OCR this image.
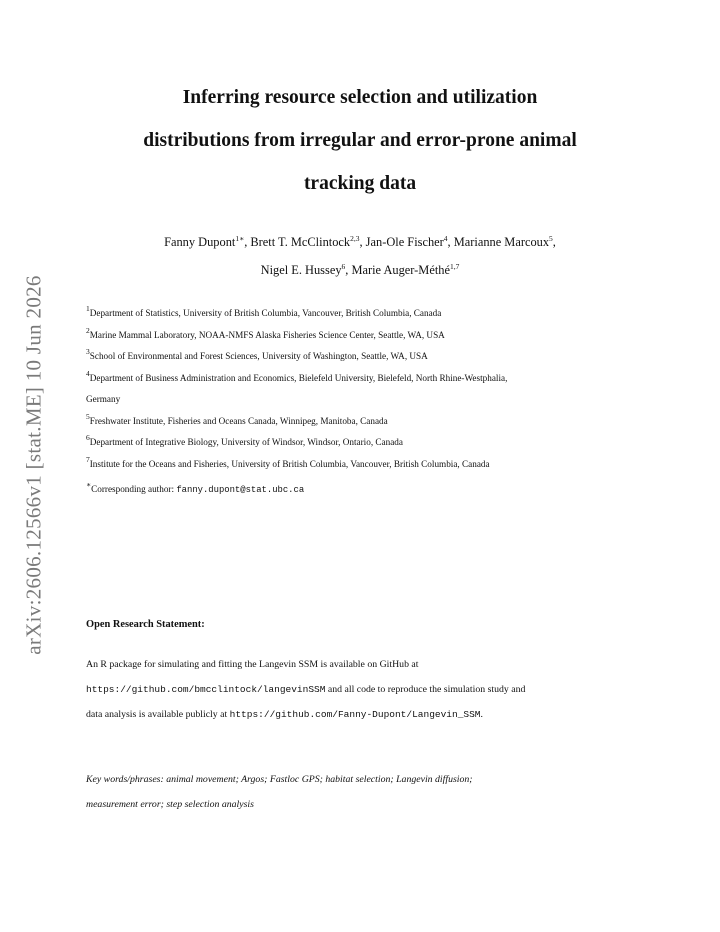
arXiv:2606.12566v1 [stat.ME] 10 Jun 2026
Inferring resource selection and utilization
distributions from irregular and error-prone animal
tracking data
Fanny Dupont$^{1∗}$, Brett T. McClintock$^{2,3}$, Jan-Ole Fischer$^4$, Marianne Marcoux$^5$,
Nigel E. Hussey$^6$, Marie Auger-Méthé$^{1,7}$
$^1$Department of Statistics, University of British Columbia, Vancouver, British Columbia, Canada
$^2$Marine Mammal Laboratory, NOAA-NMFS Alaska Fisheries Science Center, Seattle, WA, USA
$^3$School of Environmental and Forest Sciences, University of Washington, Seattle, WA, USA
$^4$Department of Business Administration and Economics, Bielefeld University, Bielefeld, North Rhine-Westphalia,
Germany
$^5$Freshwater Institute, Fisheries and Oceans Canada, Winnipeg, Manitoba, Canada
$^6$Department of Integrative Biology, University of Windsor, Windsor, Ontario, Canada
$^7$Institute for the Oceans and Fisheries, University of British Columbia, Vancouver, British Columbia, Canada
∗Corresponding author: fanny.dupont@stat.ubc.ca
Open Research Statement:
An R package for simulating and fitting the Langevin SSM is available on GitHub at
https://github.com/bmcclintock/langevinSSM and all code to reproduce the simulation study and
data analysis is available publicly at https://github.com/Fanny-Dupont/Langevin_SSM.
Key words/phrases: animal movement; Argos; Fastloc GPS; habitat selection; Langevin diffusion;
measurement error; step selection analysis
